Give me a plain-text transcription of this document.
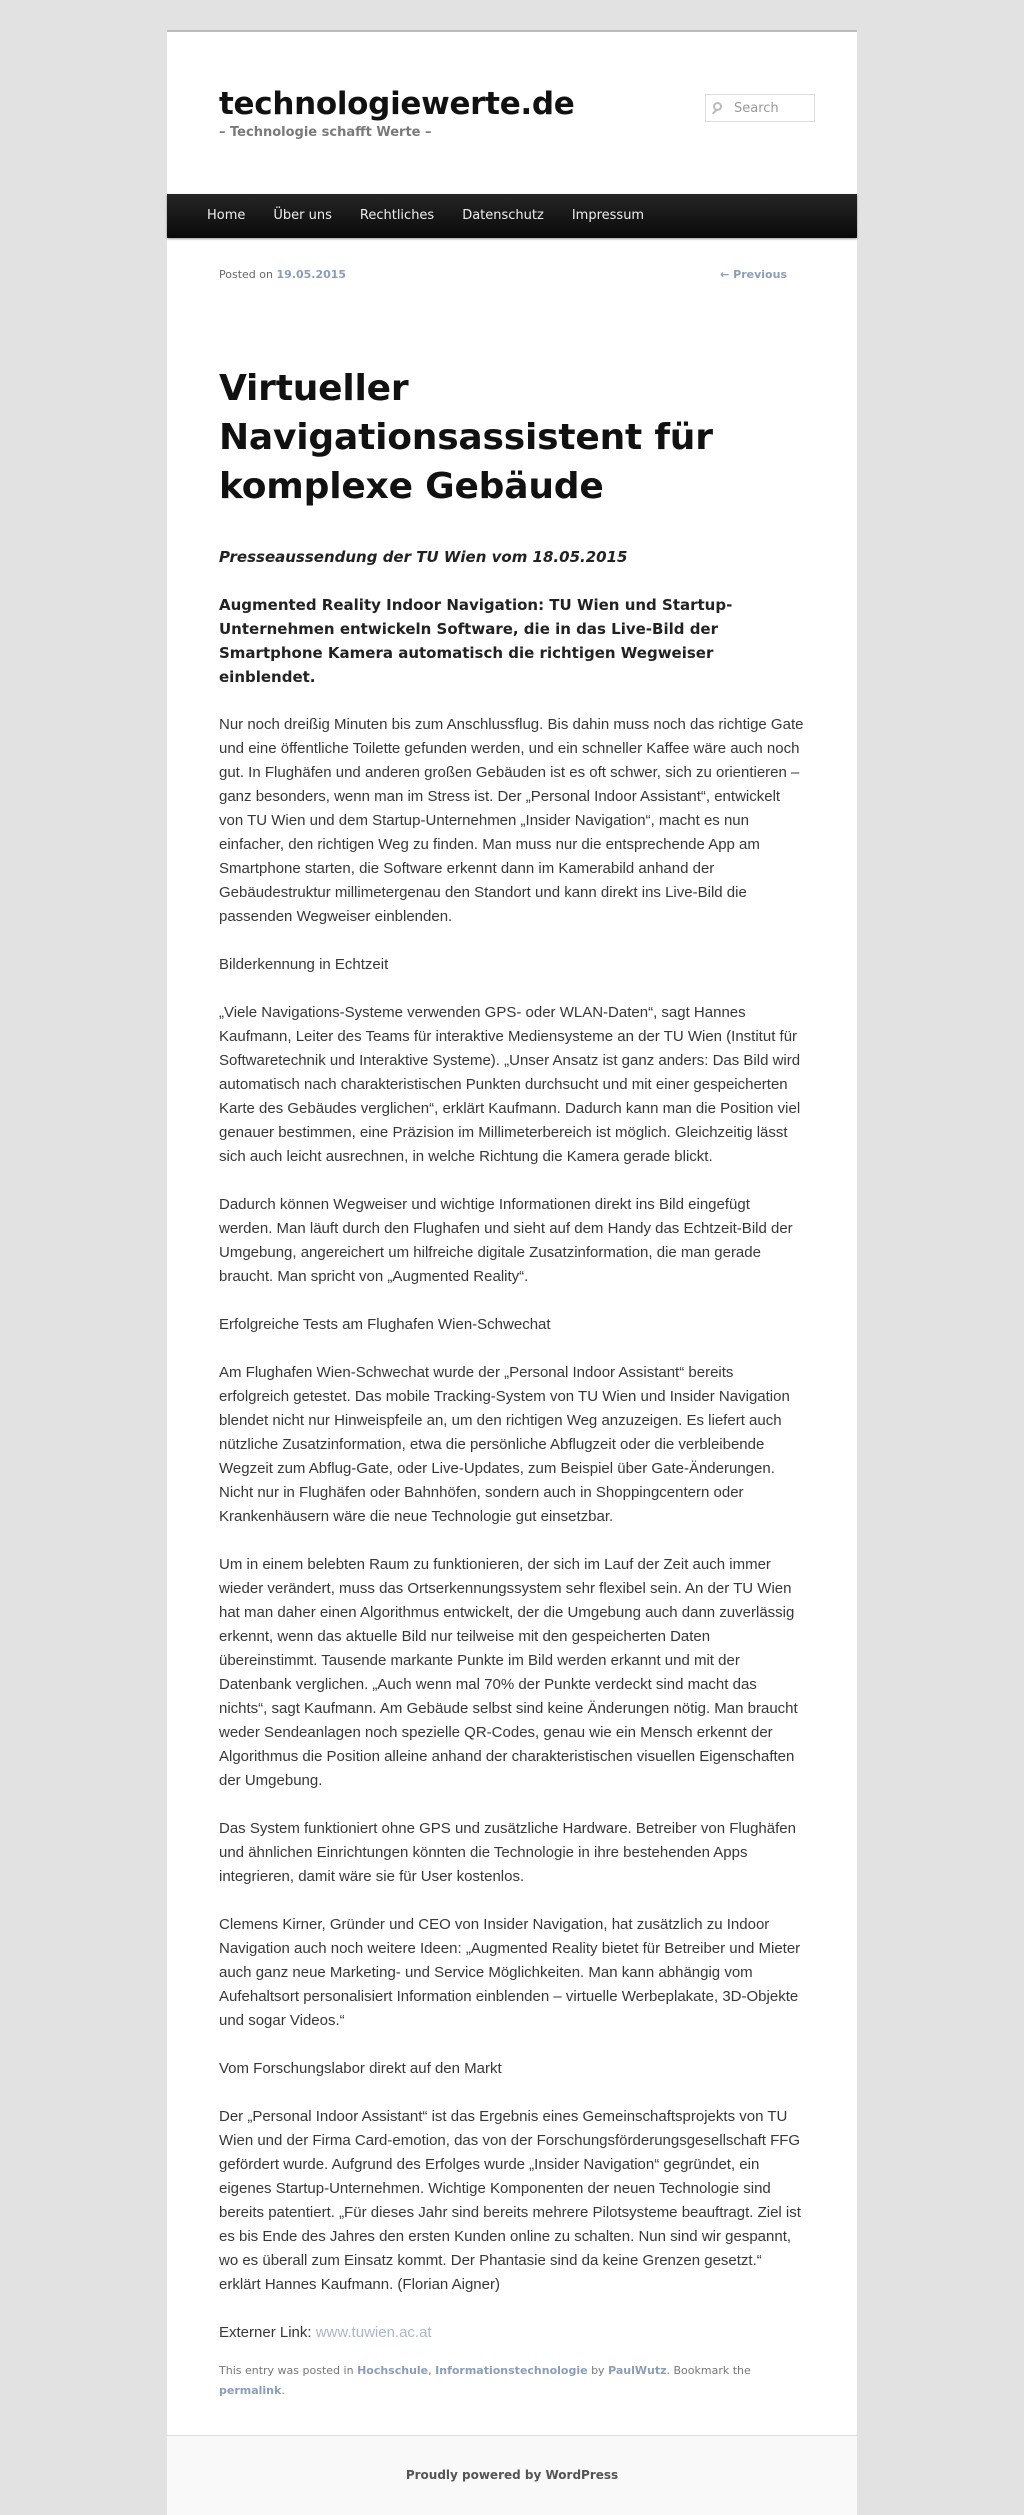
technologiewerte.de
– Technologie schafft Werte –
Search
Home	Über uns	Rechtliches	Datenschutz	Impressum
Posted on 19.05.2015	← Previous
Virtueller Navigationsassistent für komplexe Gebäude

Presseaussendung der TU Wien vom 18.05.2015

Augmented Reality Indoor Navigation: TU Wien und Startup-Unternehmen entwickeln Software, die in das Live-Bild der Smartphone Kamera automatisch die richtigen Wegweiser einblendet.

Nur noch dreißig Minuten bis zum Anschlussflug. Bis dahin muss noch das richtige Gate und eine öffentliche Toilette gefunden werden, und ein schneller Kaffee wäre auch noch gut. In Flughäfen und anderen großen Gebäuden ist es oft schwer, sich zu orientieren – ganz besonders, wenn man im Stress ist. Der „Personal Indoor Assistant“, entwickelt von TU Wien und dem Startup-Unternehmen „Insider Navigation“, macht es nun einfacher, den richtigen Weg zu finden. Man muss nur die entsprechende App am Smartphone starten, die Software erkennt dann im Kamerabild anhand der Gebäudestruktur millimetergenau den Standort und kann direkt ins Live-Bild die passenden Wegweiser einblenden.

Bilderkennung in Echtzeit

„Viele Navigations-Systeme verwenden GPS- oder WLAN-Daten“, sagt Hannes Kaufmann, Leiter des Teams für interaktive Mediensysteme an der TU Wien (Institut für Softwaretechnik und Interaktive Systeme). „Unser Ansatz ist ganz anders: Das Bild wird automatisch nach charakteristischen Punkten durchsucht und mit einer gespeicherten Karte des Gebäudes verglichen“, erklärt Kaufmann. Dadurch kann man die Position viel genauer bestimmen, eine Präzision im Millimeterbereich ist möglich. Gleichzeitig lässt sich auch leicht ausrechnen, in welche Richtung die Kamera gerade blickt.

Dadurch können Wegweiser und wichtige Informationen direkt ins Bild eingefügt werden. Man läuft durch den Flughafen und sieht auf dem Handy das Echtzeit-Bild der Umgebung, angereichert um hilfreiche digitale Zusatzinformation, die man gerade braucht. Man spricht von „Augmented Reality“.

Erfolgreiche Tests am Flughafen Wien-Schwechat

Am Flughafen Wien-Schwechat wurde der „Personal Indoor Assistant“ bereits erfolgreich getestet. Das mobile Tracking-System von TU Wien und Insider Navigation blendet nicht nur Hinweispfeile an, um den richtigen Weg anzuzeigen. Es liefert auch nützliche Zusatzinformation, etwa die persönliche Abflugzeit oder die verbleibende Wegzeit zum Abflug-Gate, oder Live-Updates, zum Beispiel über Gate-Änderungen. Nicht nur in Flughäfen oder Bahnhöfen, sondern auch in Shoppingcentern oder Krankenhäusern wäre die neue Technologie gut einsetzbar.

Um in einem belebten Raum zu funktionieren, der sich im Lauf der Zeit auch immer wieder verändert, muss das Ortserkennungssystem sehr flexibel sein. An der TU Wien hat man daher einen Algorithmus entwickelt, der die Umgebung auch dann zuverlässig erkennt, wenn das aktuelle Bild nur teilweise mit den gespeicherten Daten übereinstimmt. Tausende markante Punkte im Bild werden erkannt und mit der Datenbank verglichen. „Auch wenn mal 70% der Punkte verdeckt sind macht das nichts“, sagt Kaufmann. Am Gebäude selbst sind keine Änderungen nötig. Man braucht weder Sendeanlagen noch spezielle QR-Codes, genau wie ein Mensch erkennt der Algorithmus die Position alleine anhand der charakteristischen visuellen Eigenschaften der Umgebung.

Das System funktioniert ohne GPS und zusätzliche Hardware. Betreiber von Flughäfen und ähnlichen Einrichtungen könnten die Technologie in ihre bestehenden Apps integrieren, damit wäre sie für User kostenlos.

Clemens Kirner, Gründer und CEO von Insider Navigation, hat zusätzlich zu Indoor Navigation auch noch weitere Ideen: „Augmented Reality bietet für Betreiber und Mieter auch ganz neue Marketing- und Service Möglichkeiten. Man kann abhängig vom Aufehaltsort personalisiert Information einblenden – virtuelle Werbeplakate, 3D-Objekte und sogar Videos.“

Vom Forschungslabor direkt auf den Markt

Der „Personal Indoor Assistant“ ist das Ergebnis eines Gemeinschaftsprojekts von TU Wien und der Firma Card-emotion, das von der Forschungsförderungsgesellschaft FFG gefördert wurde. Aufgrund des Erfolges wurde „Insider Navigation“ gegründet, ein eigenes Startup-Unternehmen. Wichtige Komponenten der neuen Technologie sind bereits patentiert. „Für dieses Jahr sind bereits mehrere Pilotsysteme beauftragt. Ziel ist es bis Ende des Jahres den ersten Kunden online zu schalten. Nun sind wir gespannt, wo es überall zum Einsatz kommt. Der Phantasie sind da keine Grenzen gesetzt.“ erklärt Hannes Kaufmann. (Florian Aigner)

Externer Link: www.tuwien.ac.at

This entry was posted in Hochschule, Informationstechnologie by PaulWutz. Bookmark the permalink.
Proudly powered by WordPress
